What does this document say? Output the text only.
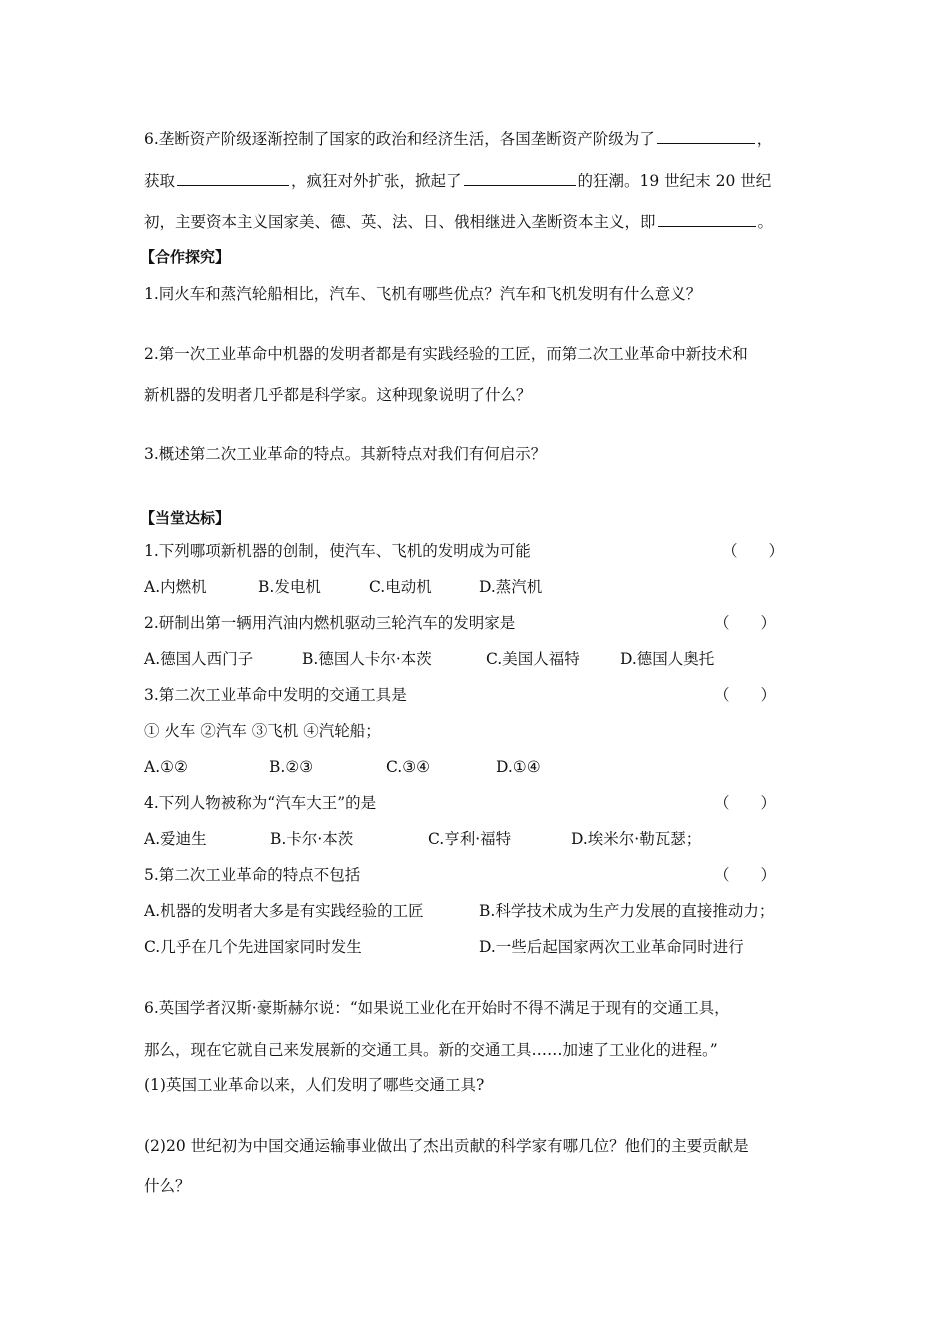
6.垄断资产阶级逐渐控制了国家的政治和经济生活，各国垄断资产阶级为了	，
获取	，疯狂对外扩张，掀起了	的狂潮。19 世纪末 20 世纪
初，主要资本主义国家美、德、英、法、日、俄相继进入垄断资本主义，即	。
【合作探究】
1.同火车和蒸汽轮船相比，汽车、飞机有哪些优点？汽车和飞机发明有什么意义？
2.第一次工业革命中机器的发明者都是有实践经验的工匠，而第二次工业革命中新技术和
新机器的发明者几乎都是科学家。这种现象说明了什么？
3.概述第二次工业革命的特点。其新特点对我们有何启示？
【当堂达标】
1.下列哪项新机器的创制，使汽车、飞机的发明成为可能	（　　）
A.内燃机	B.发电机	C.电动机	D.蒸汽机
2.研制出第一辆用汽油内燃机驱动三轮汽车的发明家是	（　　）
A.德国人西门子	B.德国人卡尔·本茨	C.美国人福特	D.德国人奥托
3.第二次工业革命中发明的交通工具是	（　　）
① 火车 ②汽车 ③飞机 ④汽轮船；
A.①②	B.②③	C.③④	D.①④
4.下列人物被称为“汽车大王”的是	（　　）
A.爱迪生	B.卡尔·本茨	C.亨利·福特	D.埃米尔·勒瓦瑟；
5.第二次工业革命的特点不包括	（　　）
A.机器的发明者大多是有实践经验的工匠	B.科学技术成为生产力发展的直接推动力；
C.几乎在几个先进国家同时发生	D.一些后起国家两次工业革命同时进行
6.英国学者汉斯·豪斯赫尔说：“如果说工业化在开始时不得不满足于现有的交通工具，
那么，现在它就自己来发展新的交通工具。新的交通工具……加速了工业化的进程。”
(1)英国工业革命以来，人们发明了哪些交通工具?
(2)20 世纪初为中国交通运输事业做出了杰出贡献的科学家有哪几位？他们的主要贡献是
什么？
